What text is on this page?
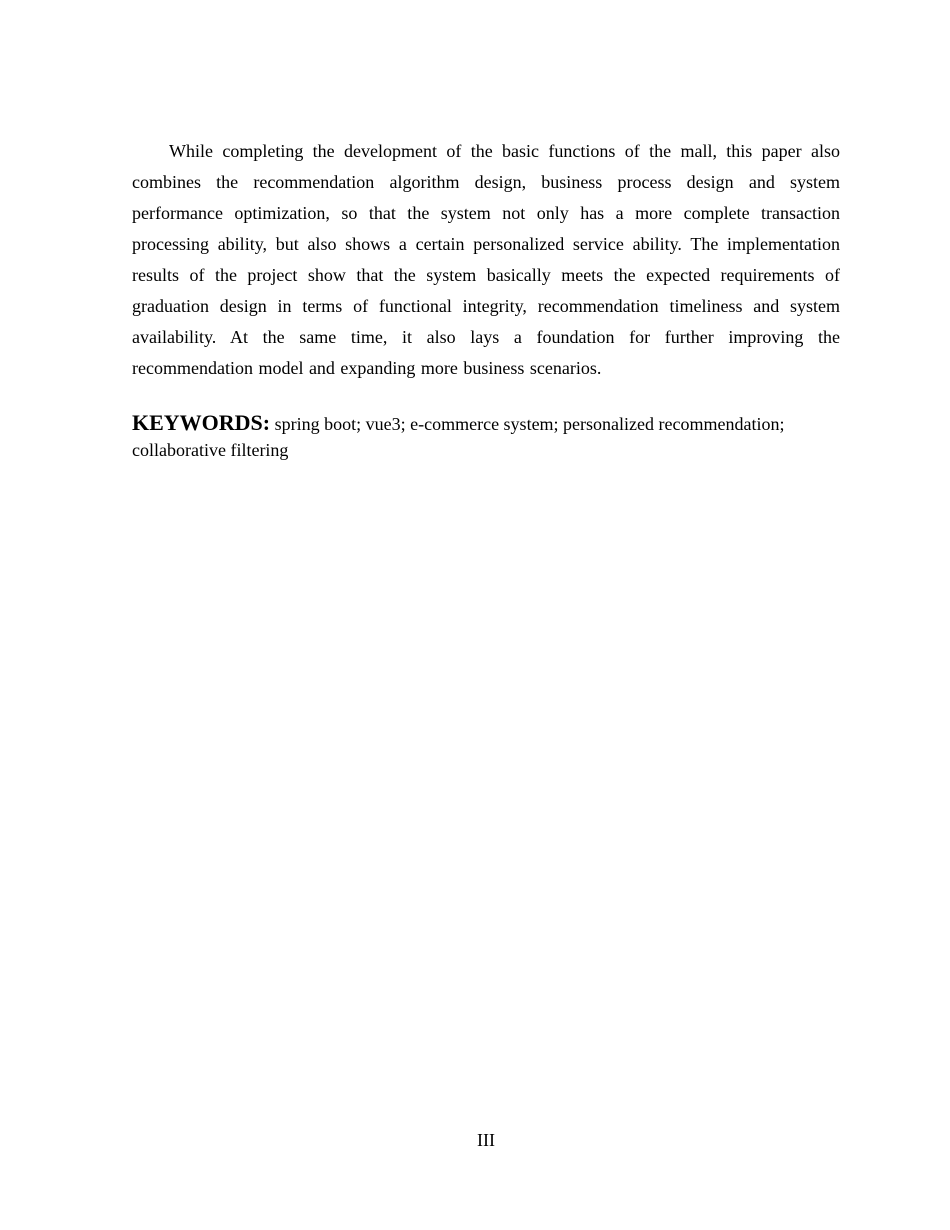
While completing the development of the basic functions of the mall, this paper also combines the recommendation algorithm design, business process design and system performance optimization, so that the system not only has a more complete transaction processing ability, but also shows a certain personalized service ability. The implementation results of the project show that the system basically meets the expected requirements of graduation design in terms of functional integrity, recommendation timeliness and system availability. At the same time, it also lays a foundation for further improving the recommendation model and expanding more business scenarios.

KEYWORDS: spring boot; vue3; e-commerce system; personalized recommendation; collaborative filtering

III
